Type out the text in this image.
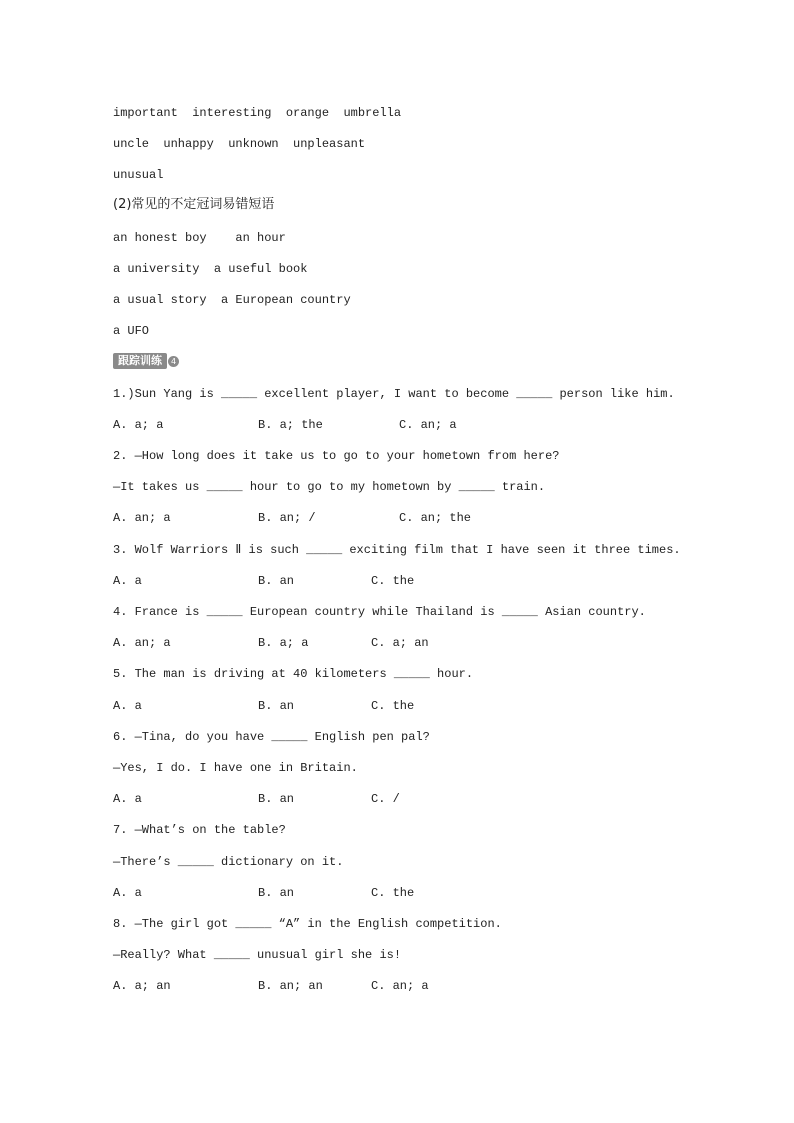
important  interesting  orange  umbrella
uncle  unhappy  unknown  unpleasant
unusual
(2)常见的不定冠词易错短语
an honest boy    an hour
a university  a useful book
a usual story  a European country
a UFO
跟踪训练	4
1.)Sun Yang is _____ excellent player, I want to become _____ person like him.
A. a; a	B. a; the	C. an; a
2. —How long does it take us to go to your hometown from here?
—It takes us _____ hour to go to my hometown by _____ train.
A. an; a	B. an; /	C. an; the
3. Wolf Warriors Ⅱ is such _____ exciting film that I have seen it three times.
A. a	B. an	C. the
4. France is _____ European country while Thailand is _____ Asian country.
A. an; a	B. a; a	C. a; an
5. The man is driving at 40 kilometers _____ hour.
A. a	B. an	C. the
6. —Tina, do you have _____ English pen pal?
—Yes, I do. I have one in Britain.
A. a	B. an	C. /
7. —What’s on the table?
—There’s _____ dictionary on it.
A. a	B. an	C. the
8. —The girl got _____ “A” in the English competition.
—Really? What _____ unusual girl she is!
A. a; an	B. an; an	C. an; a
